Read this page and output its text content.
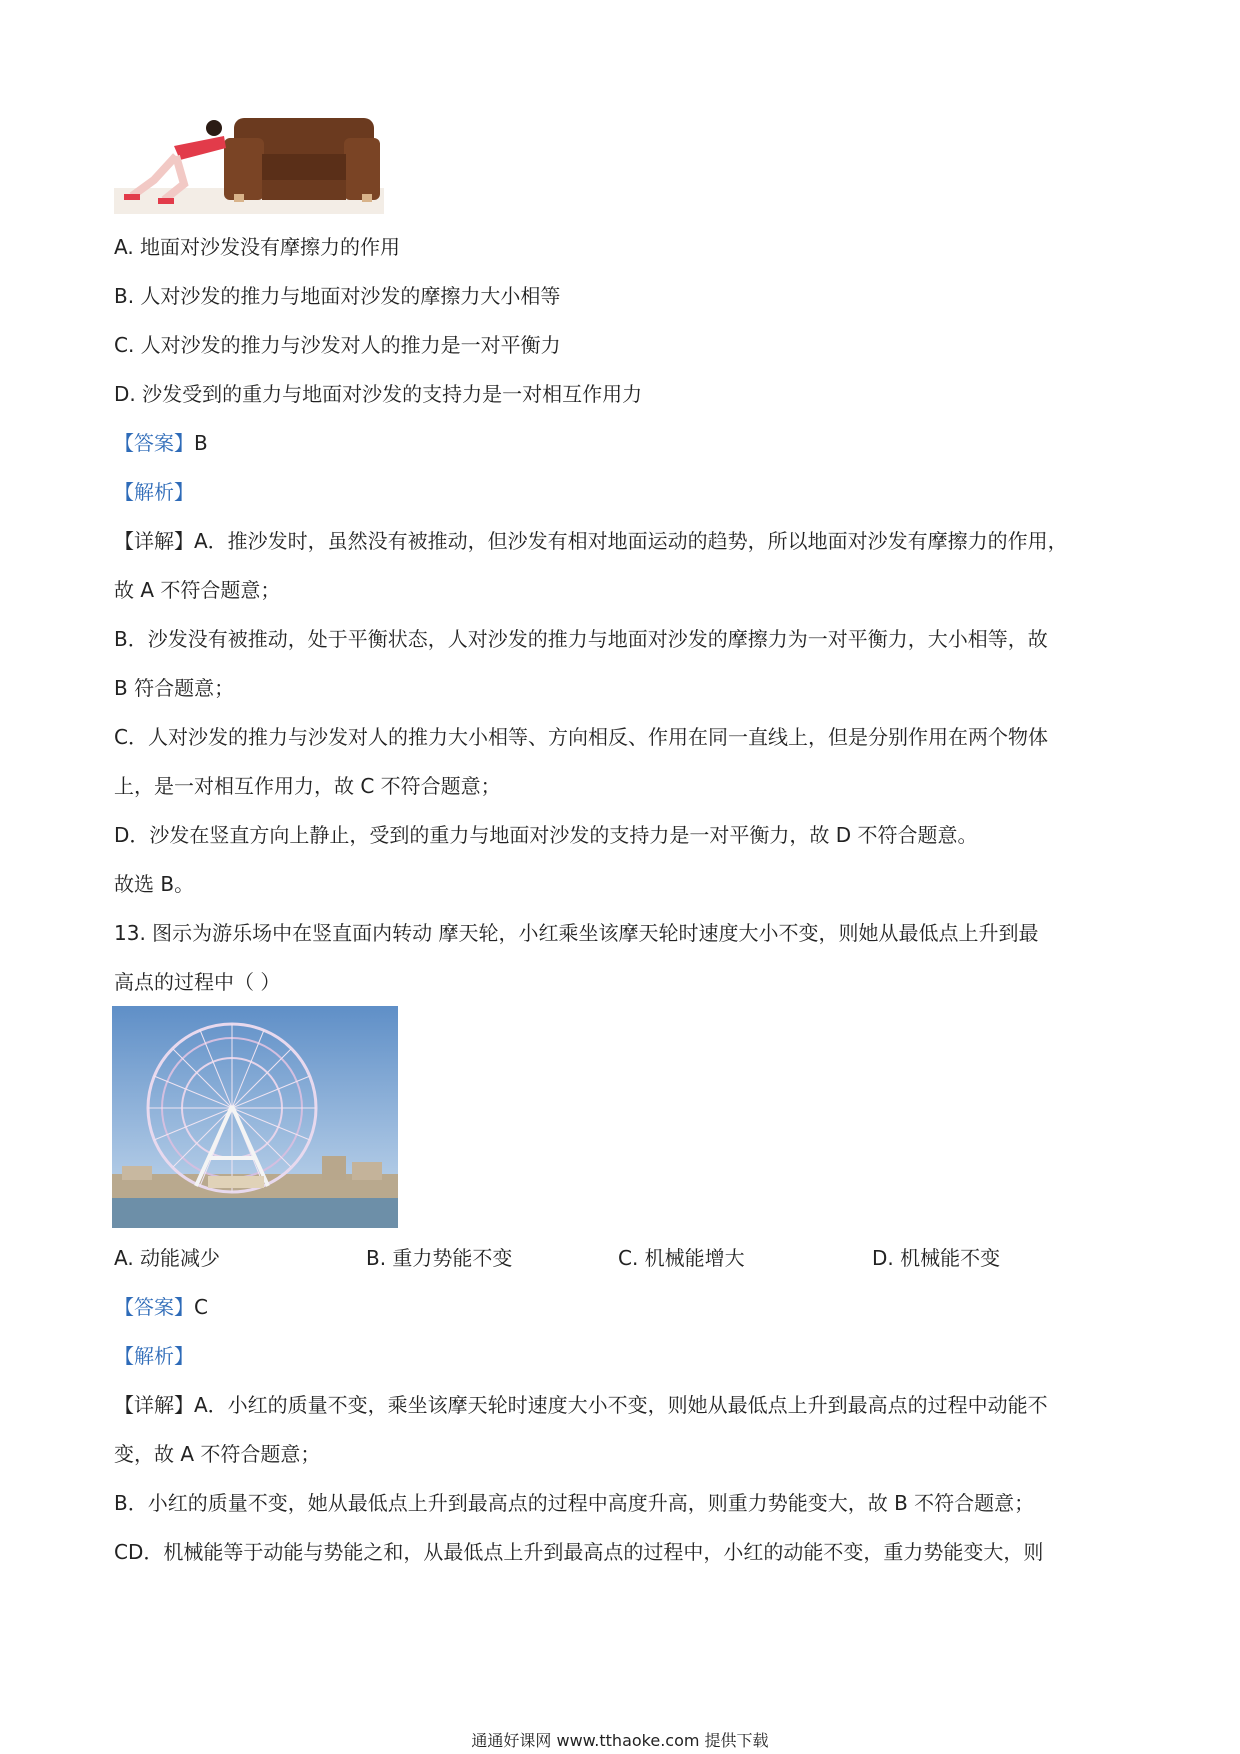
A. 地面对沙发没有摩擦力的作用
B. 人对沙发的推力与地面对沙发的摩擦力大小相等
C. 人对沙发的推力与沙发对人的推力是一对平衡力
D. 沙发受到的重力与地面对沙发的支持力是一对相互作用力
【答案】B
【解析】
【详解】A．推沙发时，虽然没有被推动，但沙发有相对地面运动的趋势，所以地面对沙发有摩擦力的作用，
故 A 不符合题意；
B．沙发没有被推动，处于平衡状态，人对沙发的推力与地面对沙发的摩擦力为一对平衡力，大小相等，故
B 符合题意；
C．人对沙发的推力与沙发对人的推力大小相等、方向相反、作用在同一直线上，但是分别作用在两个物体
上，是一对相互作用力，故 C 不符合题意；
D．沙发在竖直方向上静止，受到的重力与地面对沙发的支持力是一对平衡力，故 D 不符合题意。
故选 B。
13. 图示为游乐场中在竖直面内转动 摩天轮，小红乘坐该摩天轮时速度大小不变，则她从最低点上升到最
高点的过程中（ ）
A. 动能减少	B. 重力势能不变	C. 机械能增大	D. 机械能不变
【答案】C
【解析】
【详解】A．小红的质量不变，乘坐该摩天轮时速度大小不变，则她从最低点上升到最高点的过程中动能不
变，故 A 不符合题意；
B．小红的质量不变，她从最低点上升到最高点的过程中高度升高，则重力势能变大，故 B 不符合题意；
CD．机械能等于动能与势能之和，从最低点上升到最高点的过程中，小红的动能不变，重力势能变大，则
通通好课网 www.tthaoke.com 提供下载
